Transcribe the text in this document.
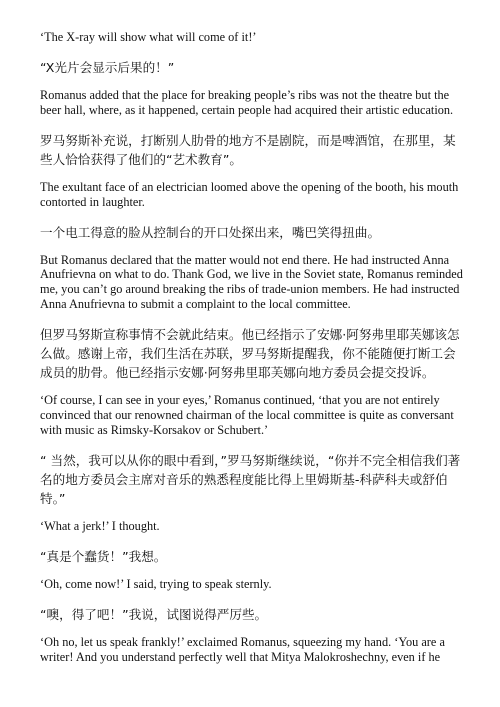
‘The X-ray will show what will come of it!’

“X光片会显示后果的！”

Romanus added that the place for breaking people’s ribs was not the theatre but the beer hall, where, as it happened, certain people had acquired their artistic education.

罗马努斯补充说，打断别人肋骨的地方不是剧院，而是啤酒馆，在那里，某些人恰恰获得了他们的“艺术教育”。

The exultant face of an electrician loomed above the opening of the booth, his mouth contorted in laughter.

一个电工得意的脸从控制台的开口处探出来，嘴巴笑得扭曲。

But Romanus declared that the matter would not end there. He had instructed Anna Anufrievna on what to do. Thank God, we live in the Soviet state, Romanus reminded me, you can’t go around breaking the ribs of trade-union members. He had instructed Anna Anufrievna to submit a complaint to the local committee.

但罗马努斯宣称事情不会就此结束。他已经指示了安娜·阿努弗里耶芙娜该怎么做。感谢上帝，我们生活在苏联，罗马努斯提醒我，你不能随便打断工会成员的肋骨。他已经指示安娜·阿努弗里耶芙娜向地方委员会提交投诉。

‘Of course, I can see in your eyes,’ Romanus continued, ‘that you are not entirely convinced that our renowned chairman of the local committee is quite as conversant with music as Rimsky-Korsakov or Schubert.’

“ 当然，我可以从你的眼中看到，”罗马努斯继续说，“你并不完全相信我们著名的地方委员会主席对音乐的熟悉程度能比得上里姆斯基-科萨科夫或舒伯特。”

‘What a jerk!’ I thought.

“真是个蠢货！”我想。

‘Oh, come now!’ I said, trying to speak sternly.

“噢，得了吧！”我说，试图说得严厉些。

‘Oh no, let us speak frankly!’ exclaimed Romanus, squeezing my hand. ‘You are a writer! And you understand perfectly well that Mitya Malokroshechny, even if he
